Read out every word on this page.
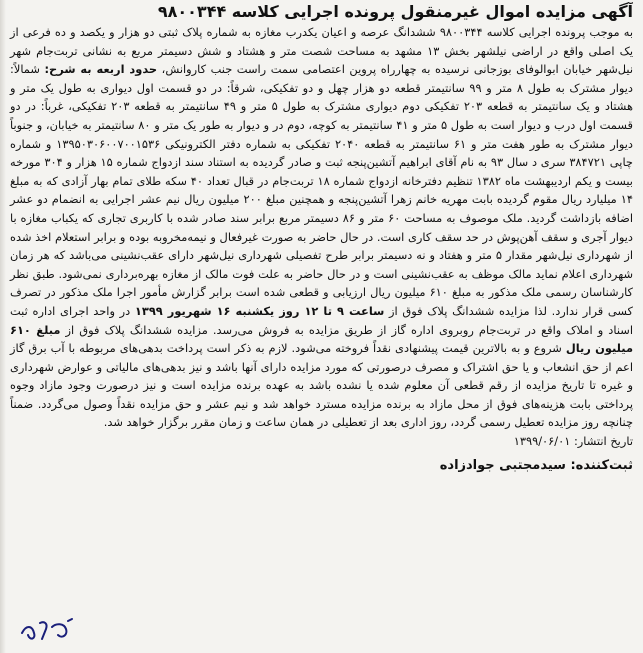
آگهی مزایده اموال غیرمنقول پرونده اجرایی کلاسه ۹۸۰۰۳۴۴

به موجب پرونده اجرایی کلاسه ۹۸۰۰۳۴۴ ششدانگ عرصه و اعیان یکدرب مغازه به شماره پلاک ثبتی دو هزار و یکصد و ده فرعی از یک اصلی واقع در اراضی نیلشهر بخش ۱۳ مشهد به مساحت شصت متر و هشتاد و شش دسیمتر مربع به نشانی تربت‌جام شهر نیل‌شهر خیابان ابوالوفای بوزجانی نرسیده به چهارراه پروین اعتصامی سمت راست جنب کاروانش، حدود اربعه به شرح: شمالاً: دیوار مشترک به طول ۸ متر و ۹۹ سانتیمتر قطعه دو هزار چهل و دو تفکیکی، شرقاً: در دو قسمت اول دیواری به طول یک متر و هشتاد و یک سانتیمتر به قطعه ۲۰۳ تفکیکی دوم دیواری مشترک به طول ۵ متر و ۴۹ سانتیمتر به قطعه ۲۰۳ تفکیکی، غرباً: در دو قسمت اول درب و دیوار است به طول ۵ متر و ۴۱ سانتیمتر به کوچه، دوم در و دیوار به طور یک متر و ۸۰ سانتیمتر به خیابان، و جنوباً دیوار مشترک به طور هفت متر و ۶۱ سانتیمتر به قطعه ۲۰۴۰ تفکیکی به شماره دفتر الکترونیکی ۱۳۹۵۰۳۰۶۰۰۷۰۰۱۵۳۶ و شماره چاپی ۳۸۴۷۲۱ سری د سال ۹۳ به نام آقای ابراهیم آتشین‌پنجه ثبت و صادر گردیده به استناد سند ازدواج شماره ۱۵ هزار و ۳۰۴ مورخه بیست و یکم اردیبهشت ماه ۱۳۸۲ تنظیم دفترخانه ازدواج شماره ۱۸ تربت‌جام در قبال تعداد ۴۰ سکه طلای تمام بهار آزادی که به مبلغ ۱۴ میلیارد ریال مقوم گردیده بابت مهریه خانم زهرا آتشین‌پنجه و همچنین مبلغ ۲۰۰ میلیون ریال نیم عشر اجرایی به انضمام دو عشر اضافه بازداشت گردید. ملک موصوف به مساحت ۶۰ متر و ۸۶ دسیمتر مربع برابر سند صادر شده با کاربری تجاری که یکباب مغازه با دیوار آجری و سقف آهن‌پوش در حد سقف کاری است. در حال حاضر به صورت غیرفعال و نیمه‌مخروبه بوده و برابر استعلام اخذ شده از شهرداری نیل‌شهر مقدار ۵ متر و هفتاد و نه دسیمتر برابر طرح تفصیلی شهرداری نیل‌شهر دارای عقب‌نشینی می‌باشد که هر زمان شهرداری اعلام نماید مالک موظف به عقب‌نشینی است و در حال حاضر به علت فوت مالک از مغازه بهره‌برداری نمی‌شود. طبق نظر کارشناسان رسمی ملک مذکور به مبلغ ۶۱۰ میلیون ریال ارزیابی و قطعی شده است برابر گزارش مأمور اجرا ملک مذکور در تصرف کسی قرار ندارد. لذا مزایده ششدانگ پلاک فوق از ساعت ۹ تا ۱۲ روز یکشنبه ۱۶ شهریور ۱۳۹۹ در واحد اجرای اداره ثبت اسناد و املاک واقع در تربت‌جام روبروی اداره گاز از طریق مزایده به فروش می‌رسد. مزایده ششدانگ پلاک فوق از مبلغ ۶۱۰ میلیون ریال شروع و به بالاترین قیمت پیشنهادی نقداً فروخته می‌شود. لازم به ذکر است پرداخت بدهی‌های مربوطه با آب برق گاز اعم از حق انشعاب و یا حق اشتراک و مصرف درصورتی که مورد مزایده دارای آنها باشد و نیز بدهی‌های مالیاتی و عوارض شهرداری و غیره تا تاریخ مزایده از رقم قطعی آن معلوم شده یا نشده باشد به عهده برنده مزایده است و نیز درصورت وجود مازاد وجوه پرداختی بابت هزینه‌های فوق از محل مازاد به برنده مزایده مسترد خواهد شد و نیم عشر و حق مزایده نقداً وصول می‌گردد. ضمناً چنانچه روز مزایده تعطیل رسمی گردد، روز اداری بعد از تعطیلی در همان ساعت و زمان مقرر برگزار خواهد شد.

تاریخ انتشار: ۱۳۹۹/۰۶/۰۱

ثبت‌کننده: سیدمجتبی جوادزاده
